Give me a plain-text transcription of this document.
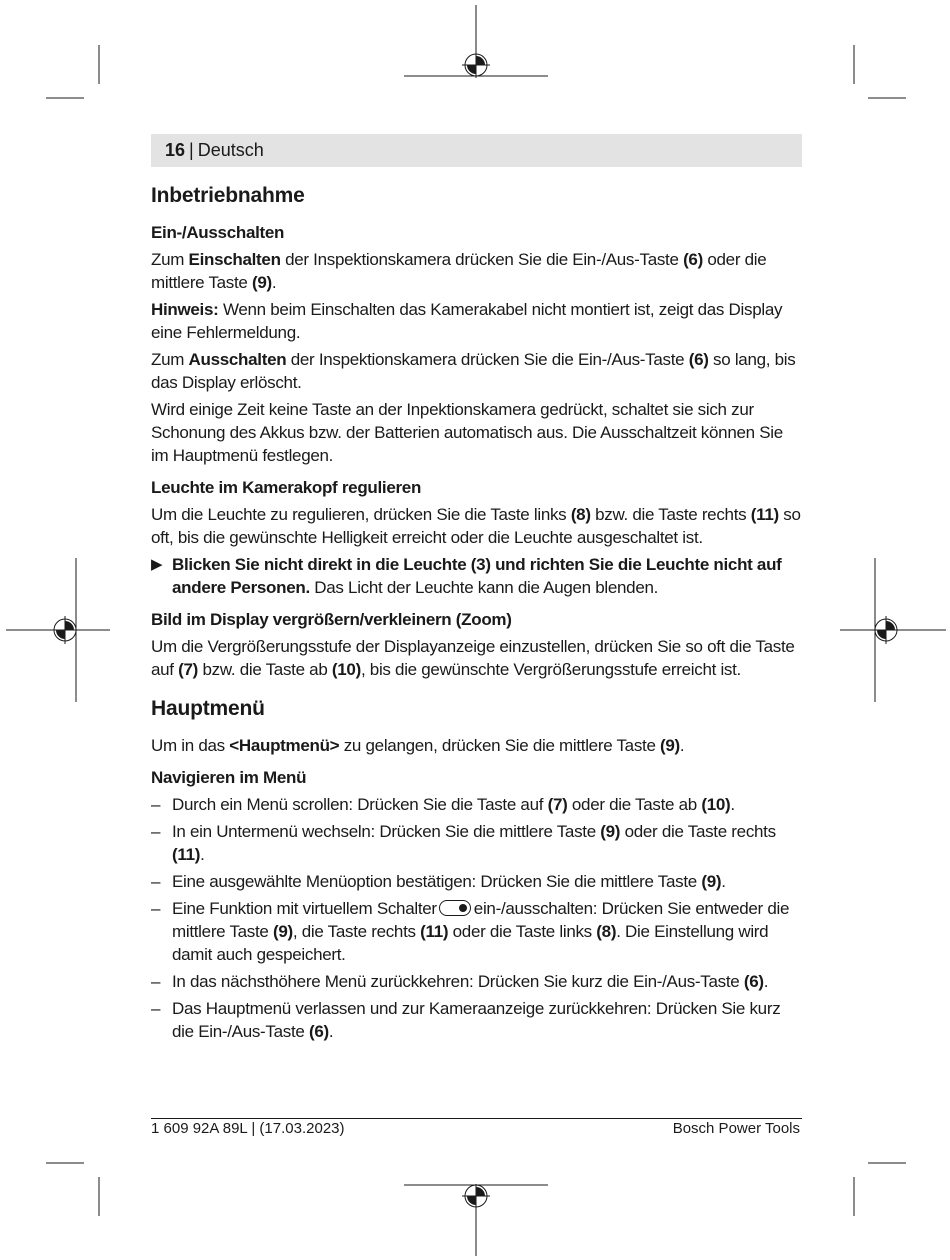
16 | Deutsch
Inbetriebnahme
Ein-/Ausschalten

Zum Einschalten der Inspektionskamera drücken Sie die Ein-/Aus-Taste (6) oder die mittlere Taste (9).

Hinweis: Wenn beim Einschalten das Kamerakabel nicht montiert ist, zeigt das Display eine Fehlermeldung.

Zum Ausschalten der Inspektionskamera drücken Sie die Ein-/Aus-Taste (6) so lang, bis das Display erlöscht.

Wird einige Zeit keine Taste an der Inpektionskamera gedrückt, schaltet sie sich zur Schonung des Akkus bzw. der Batterien automatisch aus. Die Ausschaltzeit können Sie im Hauptmenü festlegen.

Leuchte im Kamerakopf regulieren

Um die Leuchte zu regulieren, drücken Sie die Taste links (8) bzw. die Taste rechts (11) so oft, bis die gewünschte Helligkeit erreicht oder die Leuchte ausgeschaltet ist.

▶ Blicken Sie nicht direkt in die Leuchte (3) und richten Sie die Leuchte nicht auf andere Personen. Das Licht der Leuchte kann die Augen blenden.
Bild im Display vergrößern/verkleinern (Zoom)

Um die Vergrößerungsstufe der Displayanzeige einzustellen, drücken Sie so oft die Taste auf (7) bzw. die Taste ab (10), bis die gewünschte Vergrößerungsstufe erreicht ist.

Hauptmenü

Um in das <Hauptmenü> zu gelangen, drücken Sie die mittlere Taste (9).

Navigieren im Menü
– Durch ein Menü scrollen: Drücken Sie die Taste auf (7) oder die Taste ab (10).
– In ein Untermenü wechseln: Drücken Sie die mittlere Taste (9) oder die Taste rechts (11).
– Eine ausgewählte Menüoption bestätigen: Drücken Sie die mittlere Taste (9).
– Eine Funktion mit virtuellem Schalter ein-/ausschalten: Drücken Sie entweder die mittlere Taste (9), die Taste rechts (11) oder die Taste links (8). Die Einstellung wird damit auch gespeichert.
– In das nächsthöhere Menü zurückkehren: Drücken Sie kurz die Ein-/Aus-Taste (6).
– Das Hauptmenü verlassen und zur Kameraanzeige zurückkehren: Drücken Sie kurz die Ein-/Aus-Taste (6).
1 609 92A 89L | (17.03.2023)	Bosch Power Tools
